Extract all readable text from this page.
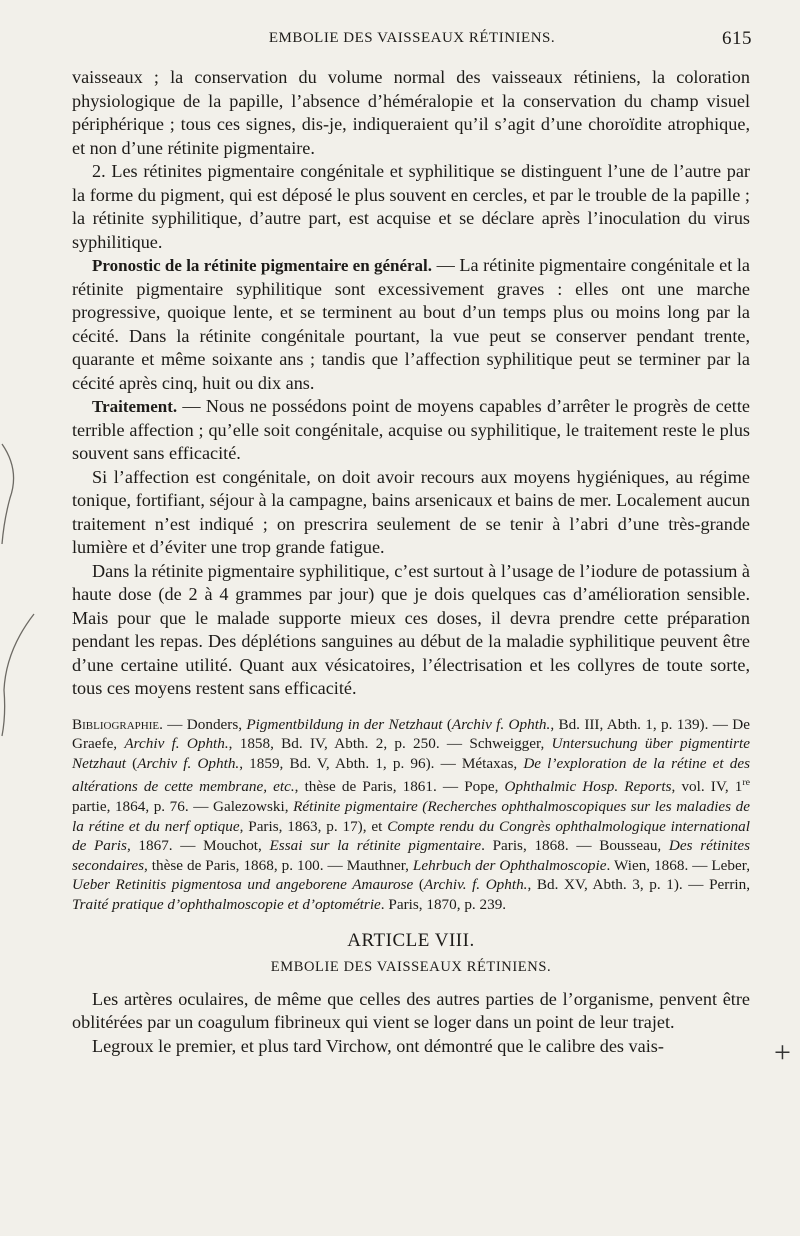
+
EMBOLIE DES VAISSEAUX RÉTINIENS.	615

vaisseaux ; la conservation du volume normal des vaisseaux rétiniens, la coloration physiologique de la papille, l’absence d’héméralopie et la conservation du champ visuel périphérique ; tous ces signes, dis-je, indiqueraient qu’il s’agit d’une choroïdite atrophique, et non d’une rétinite pigmentaire.

2. Les rétinites pigmentaire congénitale et syphilitique se distinguent l’une de l’autre par la forme du pigment, qui est déposé le plus souvent en cercles, et par le trouble de la papille ; la rétinite syphilitique, d’autre part, est acquise et se déclare après l’inoculation du virus syphilitique.

Pronostic de la rétinite pigmentaire en général. — La rétinite pigmentaire congénitale et la rétinite pigmentaire syphilitique sont excessivement graves : elles ont une marche progressive, quoique lente, et se terminent au bout d’un temps plus ou moins long par la cécité. Dans la rétinite congénitale pourtant, la vue peut se conserver pendant trente, quarante et même soixante ans ; tandis que l’affection syphilitique peut se terminer par la cécité après cinq, huit ou dix ans.

Traitement. — Nous ne possédons point de moyens capables d’arrêter le progrès de cette terrible affection ; qu’elle soit congénitale, acquise ou syphilitique, le traitement reste le plus souvent sans efficacité.

Si l’affection est congénitale, on doit avoir recours aux moyens hygiéniques, au régime tonique, fortifiant, séjour à la campagne, bains arsenicaux et bains de mer. Localement aucun traitement n’est indiqué ; on prescrira seulement de se tenir à l’abri d’une très-grande lumière et d’éviter une trop grande fatigue.

Dans la rétinite pigmentaire syphilitique, c’est surtout à l’usage de l’iodure de potassium à haute dose (de 2 à 4 grammes par jour) que je dois quelques cas d’amélioration sensible. Mais pour que le malade supporte mieux ces doses, il devra prendre cette préparation pendant les repas. Des déplétions sanguines au début de la maladie syphilitique peuvent être d’une certaine utilité. Quant aux vésicatoires, l’électrisation et les collyres de toute sorte, tous ces moyens restent sans efficacité.

Bibliographie. — Donders, Pigmentbildung in der Netzhaut (Archiv f. Ophth., Bd. III, Abth. 1, p. 139). — De Graefe, Archiv f. Ophth., 1858, Bd. IV, Abth. 2, p. 250. — Schweigger, Untersuchung über pigmentirte Netzhaut (Archiv f. Ophth., 1859, Bd. V, Abth. 1, p. 96). — Métaxas, De l’exploration de la rétine et des altérations de cette membrane, etc., thèse de Paris, 1861. — Pope, Ophthalmic Hosp. Reports, vol. IV, 1re partie, 1864, p. 76. — Galezowski, Rétinite pigmentaire (Recherches ophthalmoscopiques sur les maladies de la rétine et du nerf optique, Paris, 1863, p. 17), et Compte rendu du Congrès ophthalmologique international de Paris, 1867. — Mouchot, Essai sur la rétinite pigmentaire. Paris, 1868. — Bousseau, Des rétinites secondaires, thèse de Paris, 1868, p. 100. — Mauthner, Lehrbuch der Ophthalmoscopie. Wien, 1868. — Leber, Ueber Retinitis pigmentosa und angeborene Amaurose (Archiv. f. Ophth., Bd. XV, Abth. 3, p. 1). — Perrin, Traité pratique d’ophthalmoscopie et d’optométrie. Paris, 1870, p. 239.

ARTICLE VIII.
EMBOLIE DES VAISSEAUX RÉTINIENS.

Les artères oculaires, de même que celles des autres parties de l’organisme, penvent être oblitérées par un coagulum fibrineux qui vient se loger dans un point de leur trajet.

Legroux le premier, et plus tard Virchow, ont démontré que le calibre des vais-
